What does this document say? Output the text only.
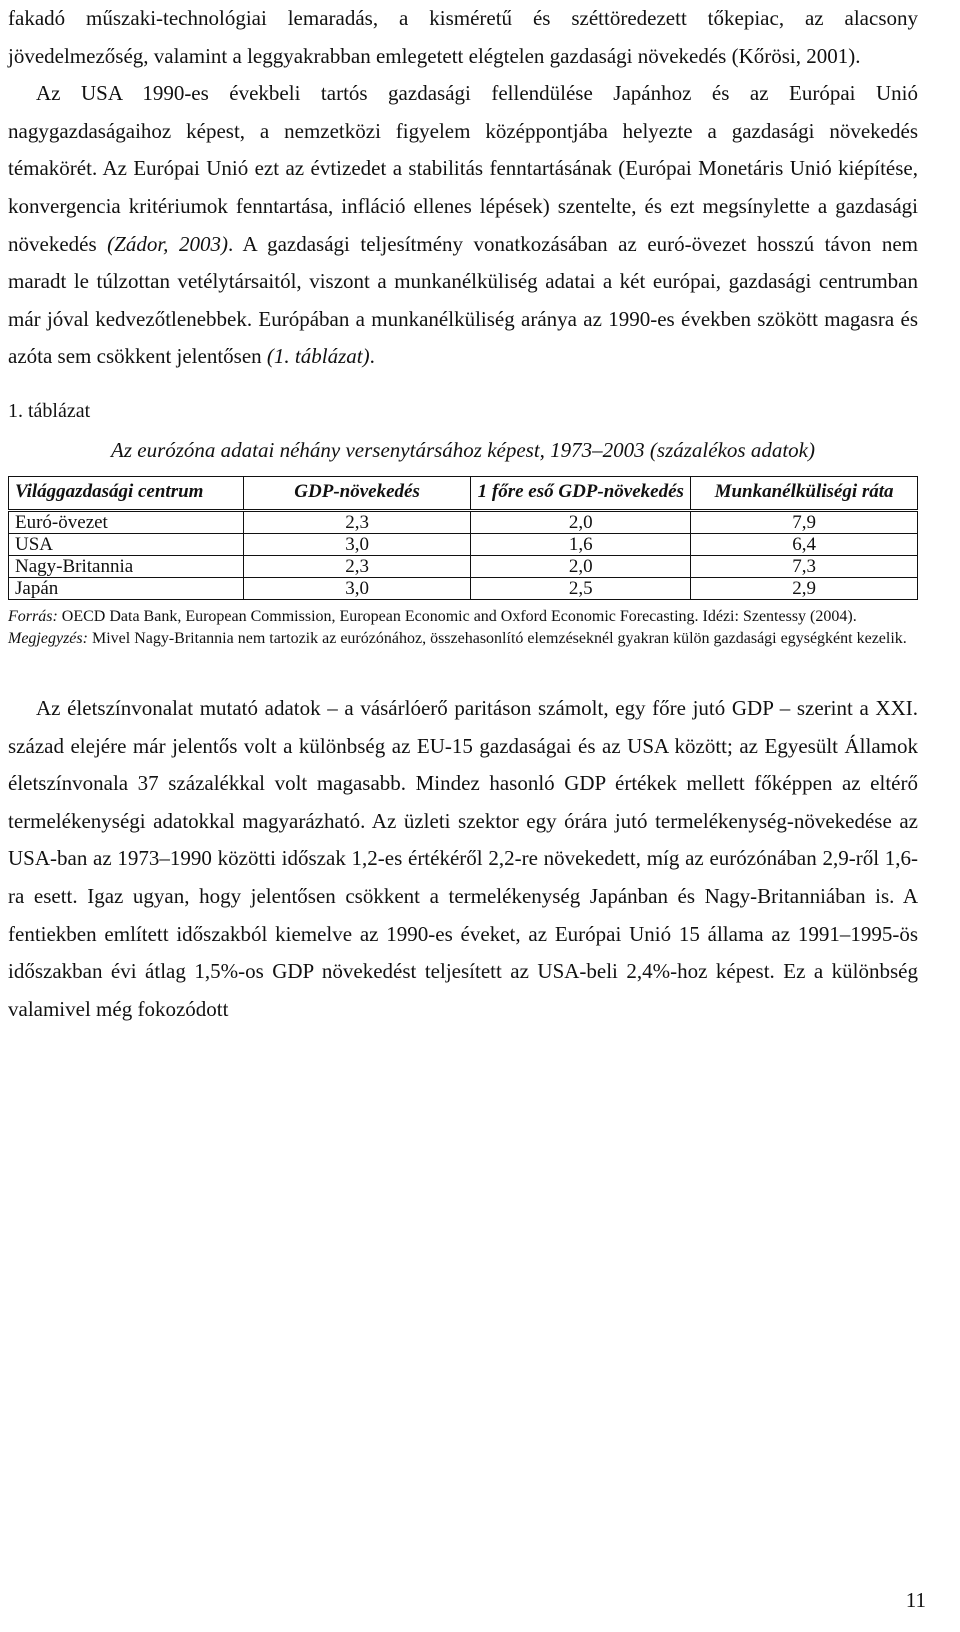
fakadó műszaki-technológiai lemaradás, a kisméretű és széttöredezett tőkepiac, az alacsony jövedelmezőség, valamint a leggyakrabban emlegetett elégtelen gazdasági növekedés (Kőrösi, 2001).

Az USA 1990-es évekbeli tartós gazdasági fellendülése Japánhoz és az Európai Unió nagygazdaságaihoz képest, a nemzetközi figyelem középpontjába helyezte a gazdasági növekedés témakörét. Az Európai Unió ezt az évtizedet a stabilitás fenntartásának (Európai Monetáris Unió kiépítése, konvergencia kritériumok fenntartása, infláció ellenes lépések) szentelte, és ezt megsínylette a gazdasági növekedés (Zádor, 2003). A gazdasági teljesítmény vonatkozásában az euró-övezet hosszú távon nem maradt le túlzottan vetélytársaitól, viszont a munkanélküliség adatai a két európai, gazdasági centrumban már jóval kedvezőtlenebbek. Európában a munkanélküliség aránya az 1990-es években szökött magasra és azóta sem csökkent jelentősen (1. táblázat).

1. táblázat
Az eurózóna adatai néhány versenytársához képest, 1973–2003 (százalékos adatok)
Világgazdasági centrum	GDP-növekedés	1 főre eső GDP-növekedés	Munkanélküliségi ráta
Euró-övezet	2,3	2,0	7,9
USA	3,0	1,6	6,4
Nagy-Britannia	2,3	2,0	7,3
Japán	3,0	2,5	2,9

Forrás: OECD Data Bank, European Commission, European Economic and Oxford Economic Forecasting. Idézi: Szentessy (2004).

Megjegyzés: Mivel Nagy-Britannia nem tartozik az eurózónához, összehasonlító elemzéseknél gyakran külön gazdasági egységként kezelik.

Az életszínvonalat mutató adatok – a vásárlóerő paritáson számolt, egy főre jutó GDP – szerint a XXI. század elejére már jelentős volt a különbség az EU-15 gazdaságai és az USA között; az Egyesült Államok életszínvonala 37 százalékkal volt magasabb. Mindez hasonló GDP értékek mellett főképpen az eltérő termelékenységi adatokkal magyarázható. Az üzleti szektor egy órára jutó termelékenység-növekedése az USA-ban az 1973–1990 közötti időszak 1,2-es értékéről 2,2-re növekedett, míg az eurózónában 2,9-ről 1,6-ra esett. Igaz ugyan, hogy jelentősen csökkent a termelékenység Japánban és Nagy-Britanniában is. A fentiekben említett időszakból kiemelve az 1990-es éveket, az Európai Unió 15 állama az 1991–1995-ös időszakban évi átlag 1,5%-os GDP növekedést teljesített az USA-beli 2,4%-hoz képest. Ez a különbség valamivel még fokozódott

11
